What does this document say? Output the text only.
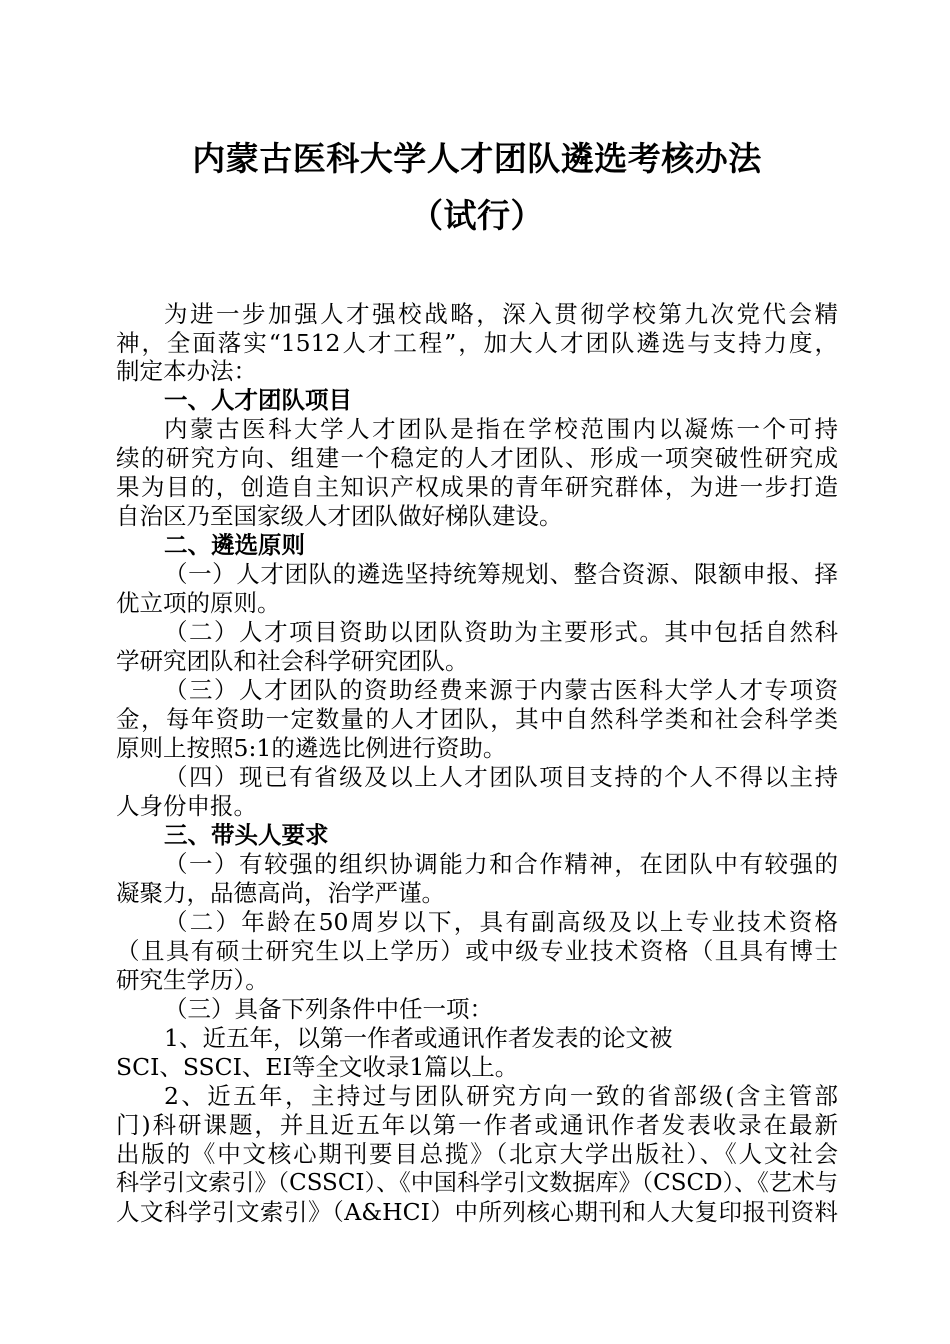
内蒙古医科大学人才团队遴选考核办法
（试行）
为进一步加强人才强校战略，深入贯彻学校第九次党代会精
神，全面落实“1512人才工程”，加大人才团队遴选与支持力度，
制定本办法：
一、人才团队项目
内蒙古医科大学人才团队是指在学校范围内以凝炼一个可持
续的研究方向、组建一个稳定的人才团队、形成一项突破性研究成
果为目的，创造自主知识产权成果的青年研究群体，为进一步打造
自治区乃至国家级人才团队做好梯队建设。
二、遴选原则
（一）人才团队的遴选坚持统筹规划、整合资源、限额申报、择
优立项的原则。
（二）人才项目资助以团队资助为主要形式。其中包括自然科
学研究团队和社会科学研究团队。
（三）人才团队的资助经费来源于内蒙古医科大学人才专项资
金，每年资助一定数量的人才团队，其中自然科学类和社会科学类
原则上按照5:1的遴选比例进行资助。
（四）现已有省级及以上人才团队项目支持的个人不得以主持
人身份申报。
三、带头人要求
（一）有较强的组织协调能力和合作精神，在团队中有较强的
凝聚力，品德高尚，治学严谨。
（二）年龄在50周岁以下，具有副高级及以上专业技术资格
（且具有硕士研究生以上学历）或中级专业技术资格（且具有博士
研究生学历）。
（三）具备下列条件中任一项：
1、近五年，以第一作者或通讯作者发表的论文被
SCI、SSCI、EI等全文收录1篇以上。
2、近五年，主持过与团队研究方向一致的省部级(含主管部
门)科研课题，并且近五年以第一作者或通讯作者发表收录在最新
出版的《中文核心期刊要目总揽》（北京大学出版社）、《人文社会
科学引文索引》（CSSCI）、《中国科学引文数据库》（CSCD）、《艺术与
人文科学引文索引》（A&HCI）中所列核心期刊和人大复印报刊资料
